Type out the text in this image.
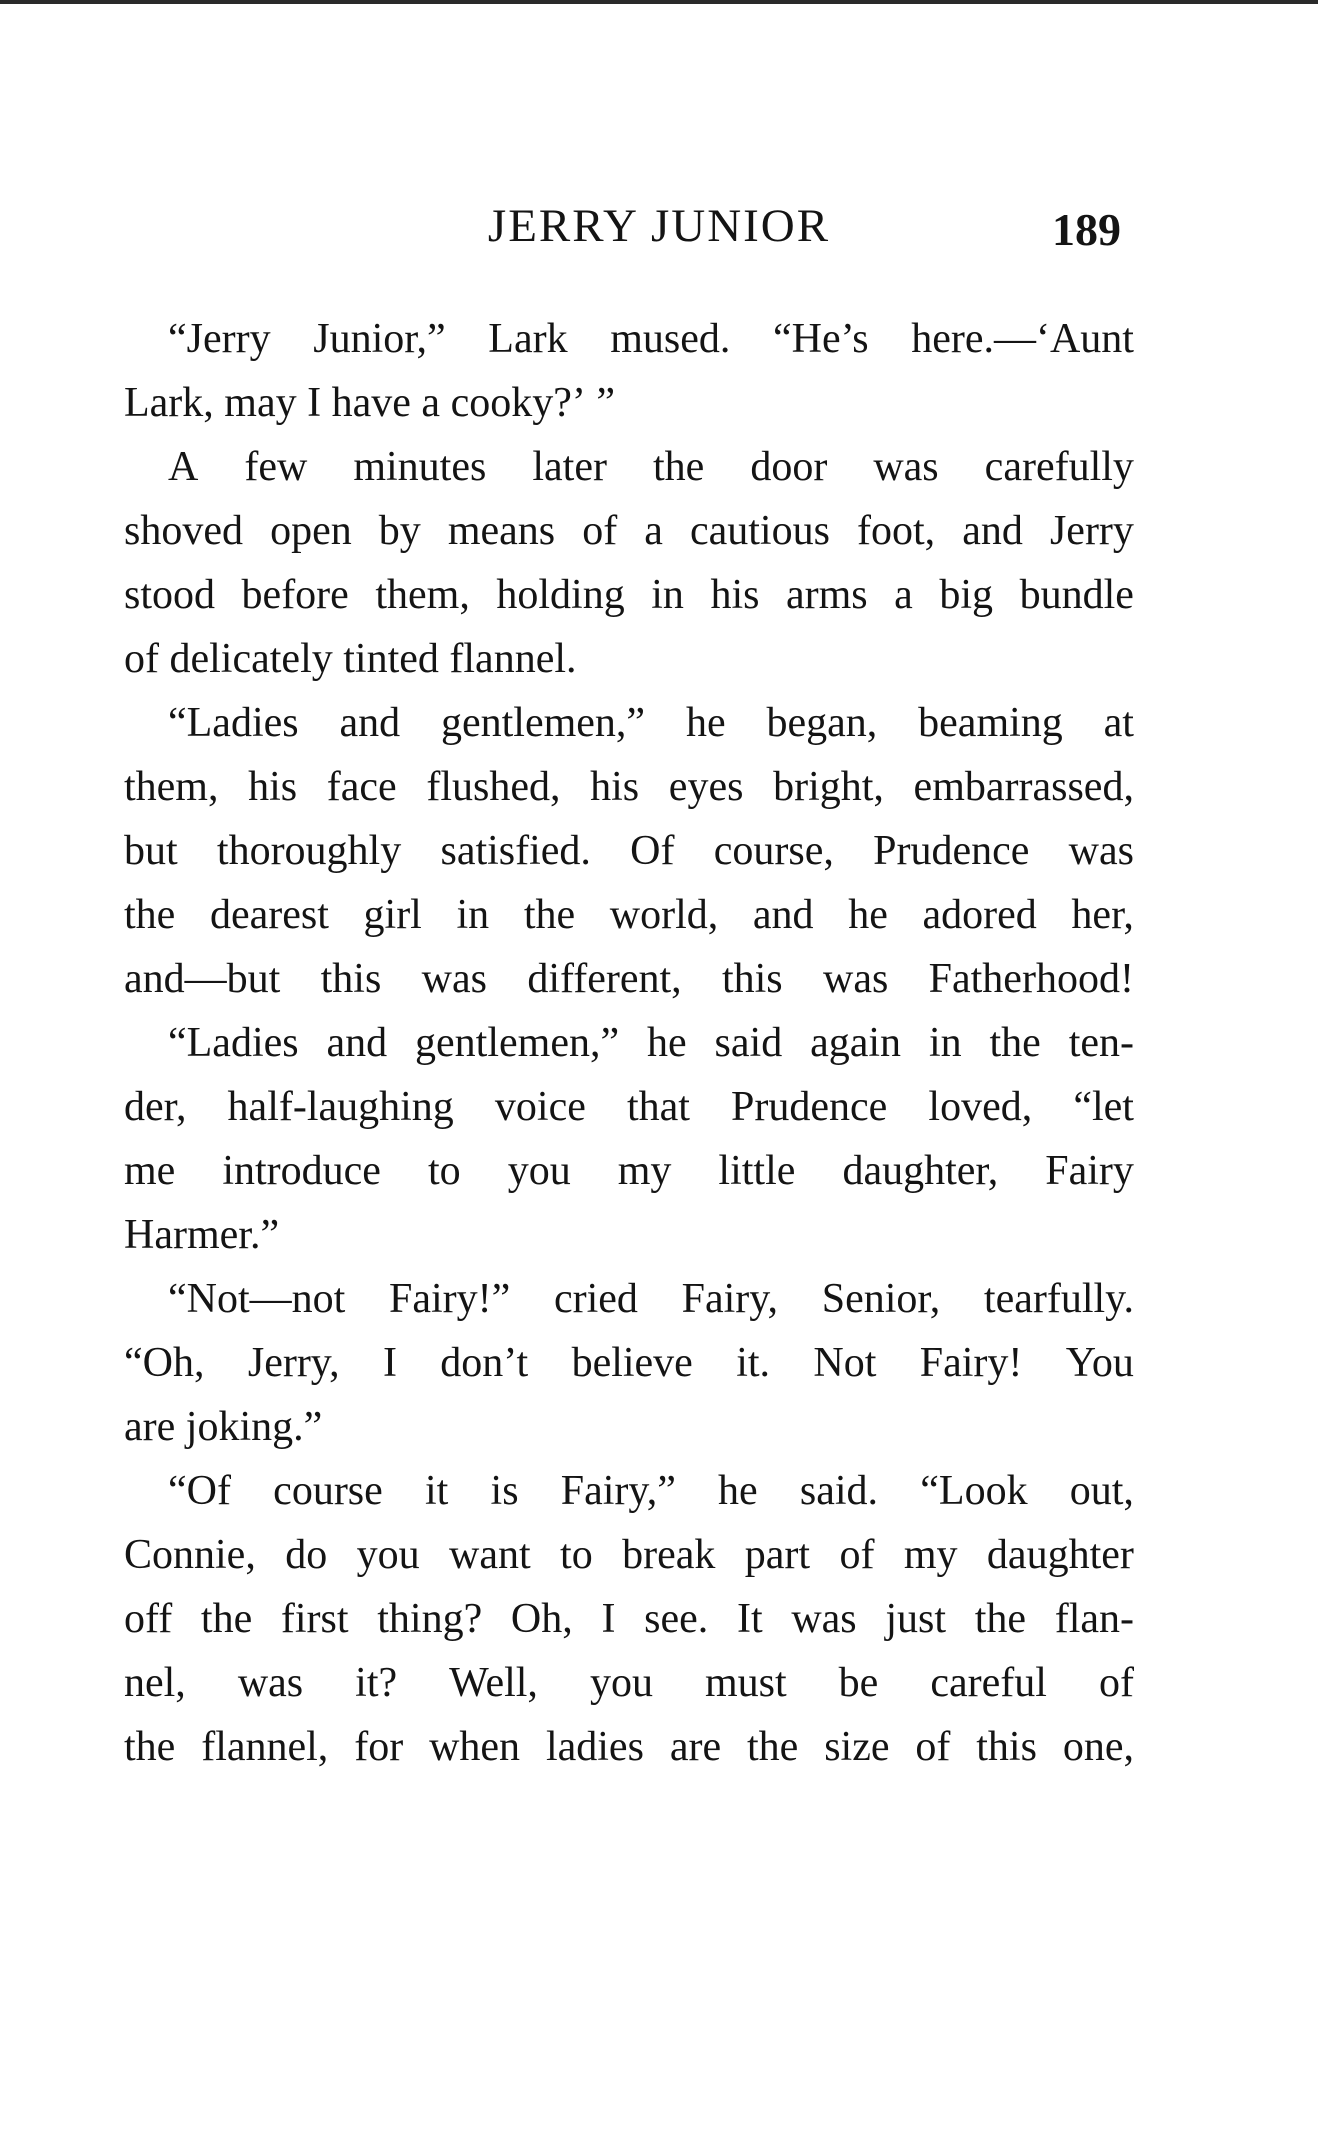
JERRY JUNIOR	189
“Jerry Junior,” Lark mused. “He’s here.—‘Aunt
Lark,
may
I
have
a
cooky?’
”
A few minutes later the door was carefully
shoved open by means of a cautious foot, and Jerry
stood before them, holding in his arms a big bundle
of
delicately
tinted
flannel.
“Ladies and gentlemen,” he began, beaming at
them, his face flushed, his eyes bright, embarrassed,
but thoroughly satisfied. Of course, Prudence was
the dearest girl in the world, and he adored her,
and—but this was different, this was Fatherhood!
“Ladies and gentlemen,” he said again in the ten-
der, half-laughing voice that Prudence loved, “let
me introduce to you my little daughter, Fairy
Harmer.”
“Not—not Fairy!” cried Fairy, Senior, tearfully.
“Oh, Jerry, I don’t believe it. Not Fairy! You
are
joking.”
“Of course it is Fairy,” he said. “Look out,
Connie, do you want to break part of my daughter
off the first thing? Oh, I see. It was just the flan-
nel, was it? Well, you must be careful of
the flannel, for when ladies are the size of this one,
